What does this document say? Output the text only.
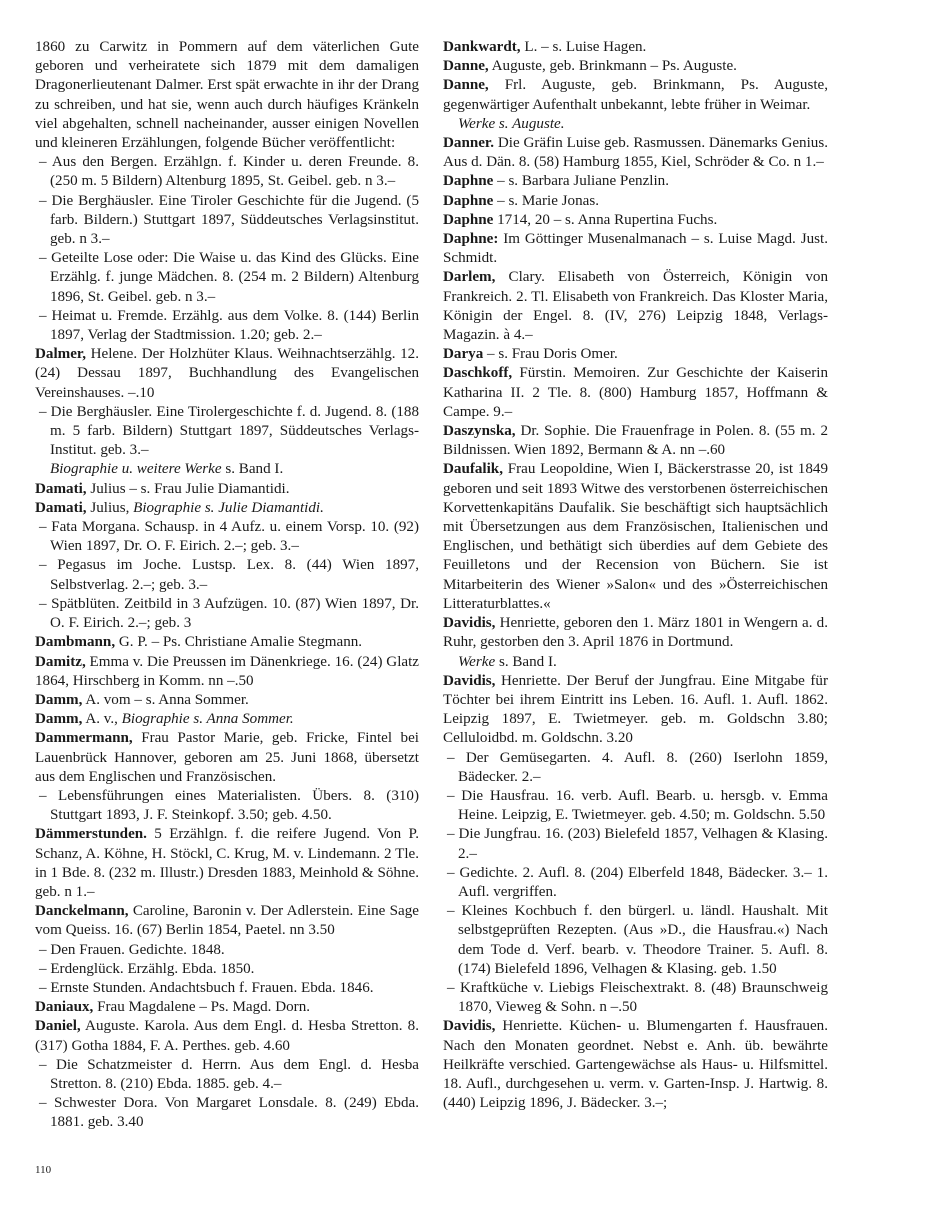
1860 zu Carwitz in Pommern auf dem väterlichen Gute geboren und verheiratete sich 1879 mit dem damaligen Dragonerlieutenant Dalmer. Erst spät erwachte in ihr der Drang zu schreiben, und hat sie, wenn auch durch häufiges Kränkeln viel abgehalten, schnell nacheinander, ausser einigen Novellen und kleineren Erzählungen, folgende Bücher veröffentlicht:

– Aus den Bergen. Erzählgn. f. Kinder u. deren Freunde. 8. (250 m. 5 Bildern) Altenburg 1895, St. Geibel. geb. n 3.–

– Die Berghäusler. Eine Tiroler Geschichte für die Jugend. (5 farb. Bildern.) Stuttgart 1897, Süddeutsches Verlagsinstitut. geb. n 3.–

– Geteilte Lose oder: Die Waise u. das Kind des Glücks. Eine Erzählg. f. junge Mädchen. 8. (254 m. 2 Bildern) Altenburg 1896, St. Geibel. geb. n 3.–

– Heimat u. Fremde. Erzählg. aus dem Volke. 8. (144) Berlin 1897, Verlag der Stadtmission. 1.20; geb. 2.–

Dalmer, Helene. Der Holzhüter Klaus. Weihnachtserzählg. 12. (24) Dessau 1897, Buchhandlung des Evangelischen Vereinshauses. –.10

– Die Berghäusler. Eine Tirolergeschichte f. d. Jugend. 8. (188 m. 5 farb. Bildern) Stuttgart 1897, Süddeutsches Verlags-Institut. geb. 3.–

Biographie u. weitere Werke s. Band I.

Damati, Julius – s. Frau Julie Diamantidi.

Damati, Julius, Biographie s. Julie Diamantidi.

– Fata Morgana. Schausp. in 4 Aufz. u. einem Vorsp. 10. (92) Wien 1897, Dr. O. F. Eirich. 2.–; geb. 3.–

– Pegasus im Joche. Lustsp. Lex. 8. (44) Wien 1897, Selbstverlag. 2.–; geb. 3.–

– Spätblüten. Zeitbild in 3 Aufzügen. 10. (87) Wien 1897, Dr. O. F. Eirich. 2.–; geb. 3

Dambmann, G. P. – Ps. Christiane Amalie Stegmann.

Damitz, Emma v. Die Preussen im Dänenkriege. 16. (24) Glatz 1864, Hirschberg in Komm. nn –.50

Damm, A. vom – s. Anna Sommer.

Damm, A. v., Biographie s. Anna Sommer.

Dammermann, Frau Pastor Marie, geb. Fricke, Fintel bei Lauenbrück Hannover, geboren am 25. Juni 1868, übersetzt aus dem Englischen und Französischen.

– Lebensführungen eines Materialisten. Übers. 8. (310) Stuttgart 1893, J. F. Steinkopf. 3.50; geb. 4.50.

Dämmerstunden. 5 Erzählgn. f. die reifere Jugend. Von P. Schanz, A. Köhne, H. Stöckl, C. Krug, M. v. Lindemann. 2 Tle. in 1 Bde. 8. (232 m. Illustr.) Dresden 1883, Meinhold & Söhne. geb. n 1.–

Danckelmann, Caroline, Baronin v. Der Adlerstein. Eine Sage vom Queiss. 16. (67) Berlin 1854, Paetel. nn 3.50

– Den Frauen. Gedichte. 1848.

– Erdenglück. Erzählg. Ebda. 1850.

– Ernste Stunden. Andachtsbuch f. Frauen. Ebda. 1846.

Daniaux, Frau Magdalene – Ps. Magd. Dorn.

Daniel, Auguste. Karola. Aus dem Engl. d. Hesba Stretton. 8. (317) Gotha 1884, F. A. Perthes. geb. 4.60

– Die Schatzmeister d. Herrn. Aus dem Engl. d. Hesba Stretton. 8. (210) Ebda. 1885. geb. 4.–

– Schwester Dora. Von Margaret Lonsdale. 8. (249) Ebda. 1881. geb. 3.40

Dankwardt, L. – s. Luise Hagen.

Danne, Auguste, geb. Brinkmann – Ps. Auguste.

Danne, Frl. Auguste, geb. Brinkmann, Ps. Auguste, gegenwärtiger Aufenthalt unbekannt, lebte früher in Weimar.

Werke s. Auguste.

Danner. Die Gräfin Luise geb. Rasmussen. Dänemarks Genius. Aus d. Dän. 8. (58) Hamburg 1855, Kiel, Schröder & Co. n 1.–

Daphne – s. Barbara Juliane Penzlin.

Daphne – s. Marie Jonas.

Daphne 1714, 20 – s. Anna Rupertina Fuchs.

Daphne: Im Göttinger Musenalmanach – s. Luise Magd. Just. Schmidt.

Darlem, Clary. Elisabeth von Österreich, Königin von Frankreich. 2. Tl. Elisabeth von Frankreich. Das Kloster Maria, Königin der Engel. 8. (IV, 276) Leipzig 1848, Verlags-Magazin. à 4.–

Darya – s. Frau Doris Omer.

Daschkoff, Fürstin. Memoiren. Zur Geschichte der Kaiserin Katharina II. 2 Tle. 8. (800) Hamburg 1857, Hoffmann & Campe. 9.–

Daszynska, Dr. Sophie. Die Frauenfrage in Polen. 8. (55 m. 2 Bildnissen. Wien 1892, Bermann & A. nn –.60

Daufalik, Frau Leopoldine, Wien I, Bäckerstrasse 20, ist 1849 geboren und seit 1893 Witwe des verstorbenen österreichischen Korvettenkapitäns Daufalik. Sie beschäftigt sich hauptsächlich mit Übersetzungen aus dem Französischen, Italienischen und Englischen, und bethätigt sich überdies auf dem Gebiete des Feuilletons und der Recension von Büchern. Sie ist Mitarbeiterin des Wiener »Salon« und des »Österreichischen Litteraturblattes.«

Davidis, Henriette, geboren den 1. März 1801 in Wengern a. d. Ruhr, gestorben den 3. April 1876 in Dortmund.

Werke s. Band I.

Davidis, Henriette. Der Beruf der Jungfrau. Eine Mitgabe für Töchter bei ihrem Eintritt ins Leben. 16. Aufl. 1. Aufl. 1862. Leipzig 1897, E. Twietmeyer. geb. m. Goldschn 3.80; Celluloidbd. m. Goldschn. 3.20

– Der Gemüsegarten. 4. Aufl. 8. (260) Iserlohn 1859, Bädecker. 2.–

– Die Hausfrau. 16. verb. Aufl. Bearb. u. hersgb. v. Emma Heine. Leipzig, E. Twietmeyer. geb. 4.50; m. Goldschn. 5.50

– Die Jungfrau. 16. (203) Bielefeld 1857, Velhagen & Klasing. 2.–

– Gedichte. 2. Aufl. 8. (204) Elberfeld 1848, Bädecker. 3.– 1. Aufl. vergriffen.

– Kleines Kochbuch f. den bürgerl. u. ländl. Haushalt. Mit selbstgeprüften Rezepten. (Aus »D., die Hausfrau.«) Nach dem Tode d. Verf. bearb. v. Theodore Trainer. 5. Aufl. 8. (174) Bielefeld 1896, Velhagen & Klasing. geb. 1.50

– Kraftküche v. Liebigs Fleischextrakt. 8. (48) Braunschweig 1870, Vieweg & Sohn. n –.50

Davidis, Henriette. Küchen- u. Blumengarten f. Hausfrauen. Nach den Monaten geordnet. Nebst e. Anh. üb. bewährte Heilkräfte verschied. Gartengewächse als Haus- u. Hilfsmittel. 18. Aufl., durchgesehen u. verm. v. Garten-Insp. J. Hartwig. 8. (440) Leipzig 1896, J. Bädecker. 3.–;

110
